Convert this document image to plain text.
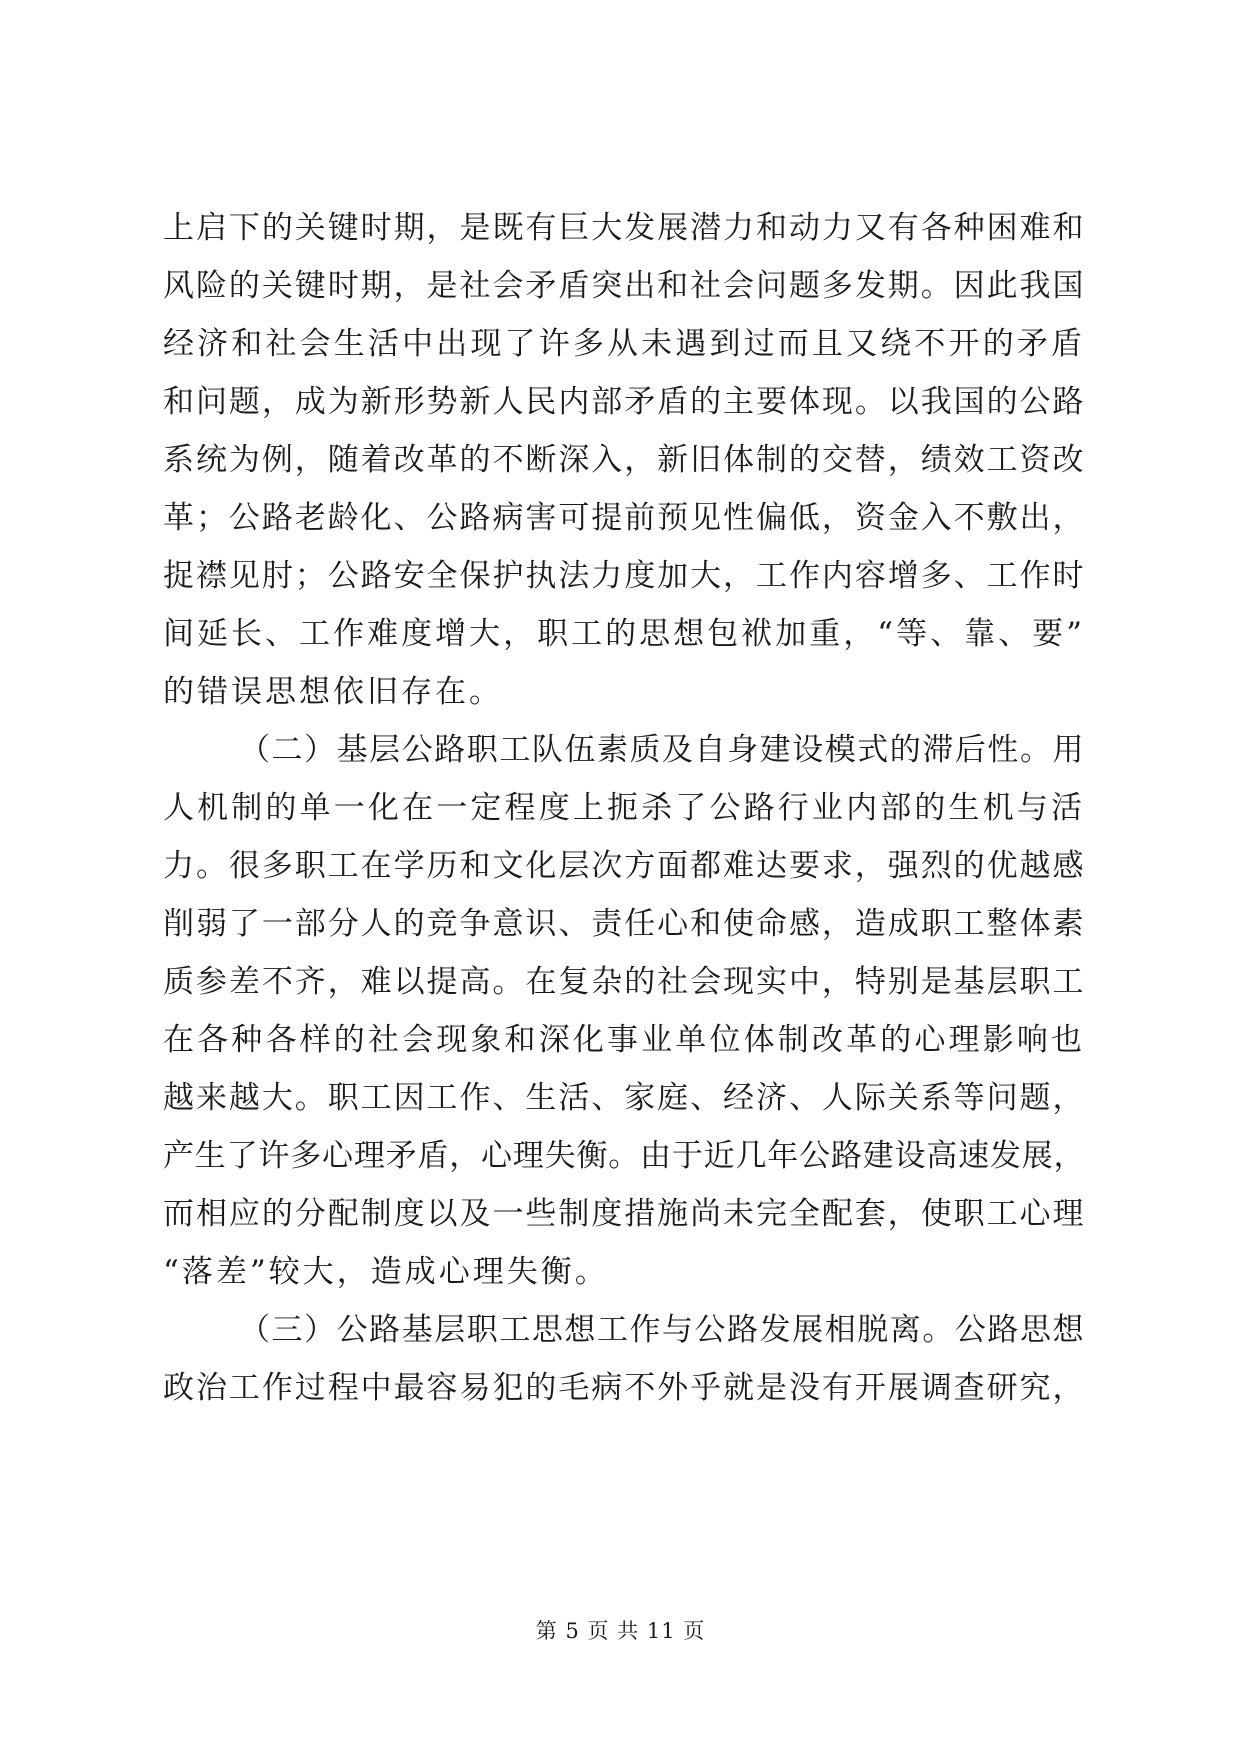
上启下的关键时期，是既有巨大发展潜力和动力又有各种困难和
风险的关键时期，是社会矛盾突出和社会问题多发期。因此我国
经济和社会生活中出现了许多从未遇到过而且又绕不开的矛盾
和问题，成为新形势新人民内部矛盾的主要体现。以我国的公路
系统为例，随着改革的不断深入，新旧体制的交替，绩效工资改
革；公路老龄化、公路病害可提前预见性偏低，资金入不敷出，
捉襟见肘；公路安全保护执法力度加大，工作内容增多、工作时
间延长、工作难度增大，职工的思想包袱加重，“等、靠、要”
的错误思想依旧存在。
（二）基层公路职工队伍素质及自身建设模式的滞后性。用
人机制的单一化在一定程度上扼杀了公路行业内部的生机与活
力。很多职工在学历和文化层次方面都难达要求，强烈的优越感
削弱了一部分人的竞争意识、责任心和使命感，造成职工整体素
质参差不齐，难以提高。在复杂的社会现实中，特别是基层职工
在各种各样的社会现象和深化事业单位体制改革的心理影响也
越来越大。职工因工作、生活、家庭、经济、人际关系等问题，
产生了许多心理矛盾，心理失衡。由于近几年公路建设高速发展，
而相应的分配制度以及一些制度措施尚未完全配套，使职工心理
“落差”较大，造成心理失衡。
（三）公路基层职工思想工作与公路发展相脱离。公路思想
政治工作过程中最容易犯的毛病不外乎就是没有开展调查研究，
第 5 页 共 11 页
